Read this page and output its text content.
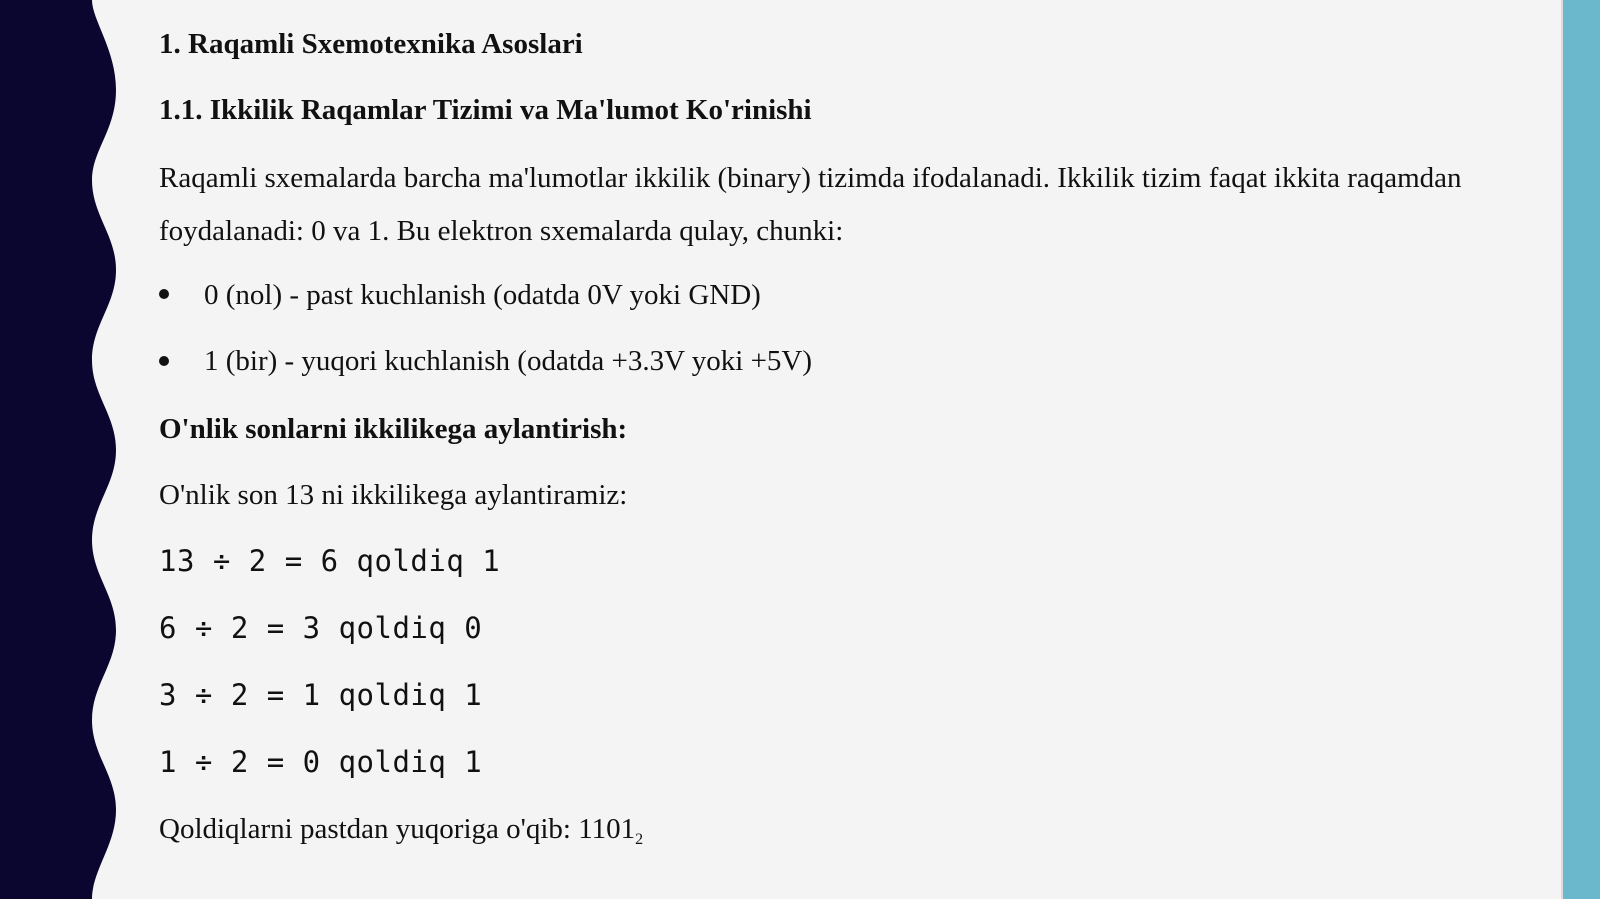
1. Raqamli Sxemotexnika Asoslari
1.1. Ikkilik Raqamlar Tizimi va Ma'lumot Ko'rinishi
Raqamli sxemalarda barcha ma'lumotlar ikkilik (binary) tizimda ifodalanadi. Ikkilik tizim faqat ikkita raqamdan
foydalanadi: 0 va 1. Bu elektron sxemalarda qulay, chunki:
0 (nol) - past kuchlanish (odatda 0V yoki GND)
1 (bir) - yuqori kuchlanish (odatda +3.3V yoki +5V)
O'nlik sonlarni ikkilikega aylantirish:
O'nlik son 13 ni ikkilikega aylantiramiz:
13 ÷ 2 = 6 qoldiq 1
6 ÷ 2 = 3 qoldiq 0
3 ÷ 2 = 1 qoldiq 1
1 ÷ 2 = 0 qoldiq 1
Qoldiqlarni pastdan yuqoriga o'qib: $1101_2$
